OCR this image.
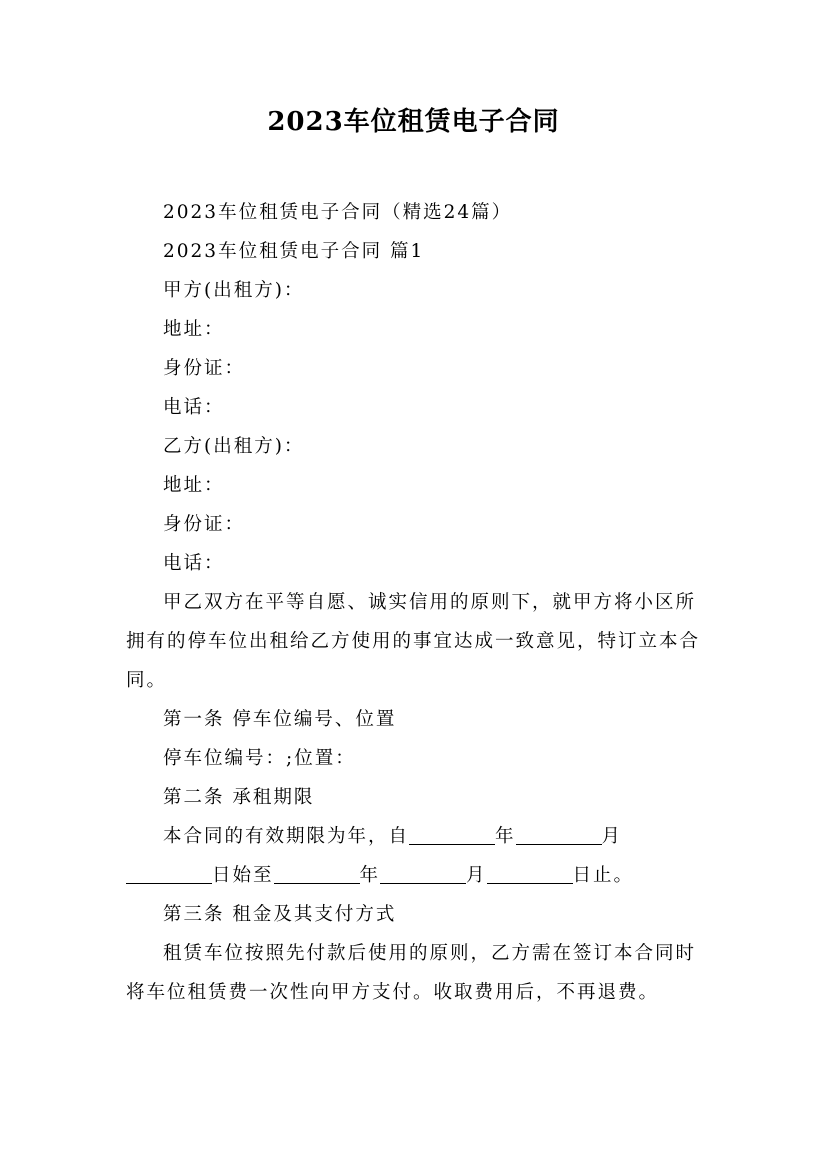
2023车位租赁电子合同

2023车位租赁电子合同（精选24篇）

2023车位租赁电子合同 篇1

甲方(出租方)：

地址：

身份证：

电话：

乙方(出租方)：

地址：

身份证：

电话：

甲乙双方在平等自愿、诚实信用的原则下，就甲方将小区所拥有的停车位出租给乙方使用的事宜达成一致意见，特订立本合同。

第一条 停车位编号、位置

停车位编号：;位置：

第二条 承租期限

本合同的有效期限为年，自	年	月日始至	年	月	日止。

第三条 租金及其支付方式

租赁车位按照先付款后使用的原则，乙方需在签订本合同时将车位租赁费一次性向甲方支付。收取费用后，不再退费。
